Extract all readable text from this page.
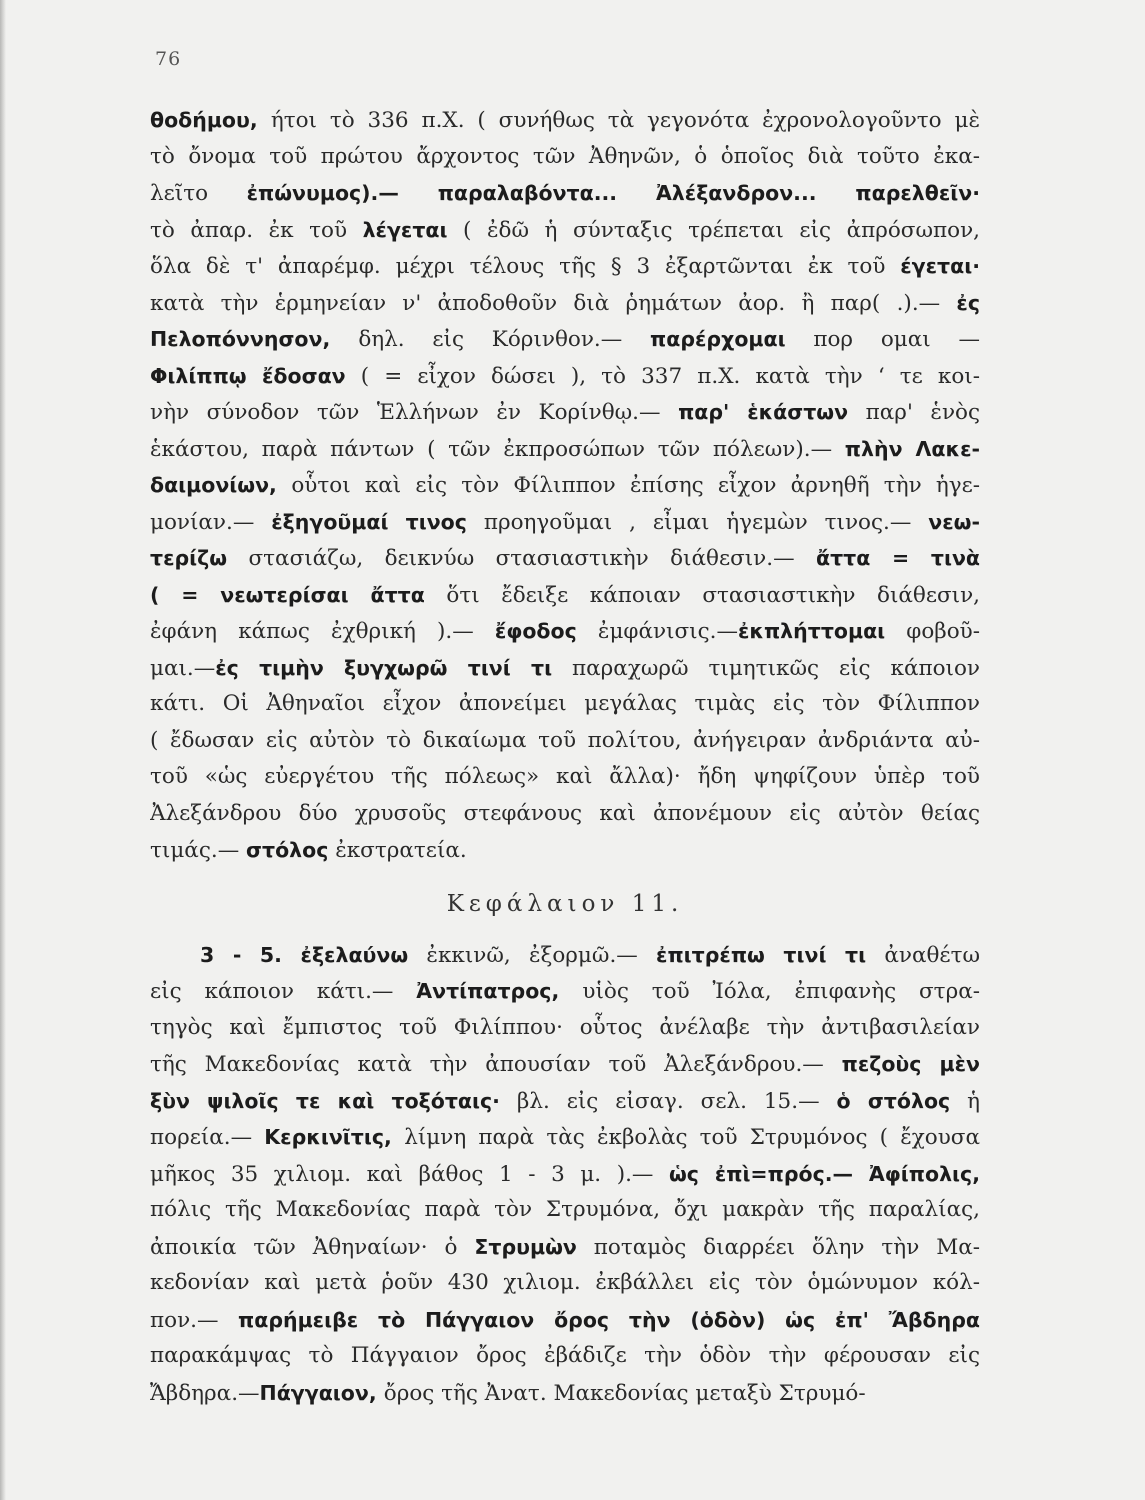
76
θοδήμου, ήτοι τὸ 336 π.Χ. ( συνήθως τὰ γεγονότα ἐχρονολογοῦντο μὲ
τὸ ὄνομα τοῦ πρώτου ἄρχοντος τῶν Ἀθηνῶν, ὁ ὁποῖος διὰ τοῦτο ἐκα-
λεῖτο ἐπώνυμος).— παραλαβόντα... Ἀλέξανδρον... παρελθεῖν·
τὸ ἀπαρ. ἐκ τοῦ λέγεται ( ἐδῶ ἡ σύνταξις τρέπεται εἰς ἀπρόσωπον,
ὅλα δὲ τ' ἀπαρέμφ. μέχρι τέλους τῆς § 3 ἐξαρτῶνται ἐκ τοῦ έγεται·
κατὰ τὴν ἑρμηνείαν ν' ἀποδοθοῦν διὰ ῥημάτων ἀορ. ἢ παρ( .).— ἐς
Πελοπόννησον, δηλ. εἰς Κόρινθον.— παρέρχομαι πορ ομαι —
Φιλίππῳ ἔδοσαν ( = εἶχον δώσει ), τὸ 337 π.Χ. κατὰ τὴν ‘ τε κοι-
νὴν σύνοδον τῶν Ἑλλήνων ἐν Κορίνθῳ.— παρ' ἑκάστων παρ' ἑνὸς
ἑκάστου, παρὰ πάντων ( τῶν ἐκπροσώπων τῶν πόλεων).— πλὴν Λακε-
δαιμονίων, οὗτοι καὶ εἰς τὸν Φίλιππον ἐπίσης εἶχον ἀρνηθῆ τὴν ἡγε-
μονίαν.— ἐξηγοῦμαί τινος προηγοῦμαι , εἶμαι ἡγεμὼν τινος.— νεω-
τερίζω στασιάζω, δεικνύω στασιαστικὴν διάθεσιν.— ἄττα = τινὰ
( = νεωτερίσαι ἄττα ὅτι ἔδειξε κάποιαν στασιαστικὴν διάθεσιν,
ἐφάνη κάπως ἐχθρική ).— ἔφοδος ἐμφάνισις.—ἐκπλήττομαι φοβοῦ-
μαι.—ἐς τιμὴν ξυγχωρῶ τινί τι παραχωρῶ τιμητικῶς εἰς κάποιον
κάτι. Οἱ Ἀθηναῖοι εἶχον ἀπονείμει μεγάλας τιμὰς εἰς τὸν Φίλιππον
( ἔδωσαν εἰς αὐτὸν τὸ δικαίωμα τοῦ πολίτου, ἀνήγειραν ἀνδριάντα αὐ-
τοῦ «ὡς εὐεργέτου τῆς πόλεως» καὶ ἄλλα)· ἤδη ψηφίζουν ὑπὲρ τοῦ
Ἀλεξάνδρου δύο χρυσοῦς στεφάνους καὶ ἀπονέμουν εἰς αὐτὸν θείας
τιμάς.— στόλος ἐκστρατεία.
Κεφάλαιον 11.
3 - 5. ἐξελαύνω ἐκκινῶ, ἐξορμῶ.— ἐπιτρέπω τινί τι ἀναθέτω
εἰς κάποιον κάτι.— Ἀντίπατρος, υἱὸς τοῦ Ἰόλα, ἐπιφανὴς στρα-
τηγὸς καὶ ἔμπιστος τοῦ Φιλίππου· οὗτος ἀνέλαβε τὴν ἀντιβασιλείαν
τῆς Μακεδονίας κατὰ τὴν ἀπουσίαν τοῦ Ἀλεξάνδρου.— πεζοὺς μὲν
ξὺν ψιλοῖς τε καὶ τοξόταις· βλ. εἰς εἰσαγ. σελ. 15.— ὁ στόλος ἡ
πορεία.— Κερκινῖτις, λίμνη παρὰ τὰς ἐκβολὰς τοῦ Στρυμόνος ( ἔχουσα
μῆκος 35 χιλιομ. καὶ βάθος 1 - 3 μ. ).— ὡς ἐπὶ=πρός.— Ἀφίπολις,
πόλις τῆς Μακεδονίας παρὰ τὸν Στρυμόνα, ὄχι μακρὰν τῆς παραλίας,
ἀποικία τῶν Ἀθηναίων· ὁ Στρυμὼν ποταμὸς διαρρέει ὅλην τὴν Μα-
κεδονίαν καὶ μετὰ ῥοῦν 430 χιλιομ. ἐκβάλλει εἰς τὸν ὁμώνυμον κόλ-
πον.— παρήμειβε τὸ Πάγγαιον ὄρος τὴν (ὁδὸν) ὡς ἐπ' Ἄβδηρα
παρακάμψας τὸ Πάγγαιον ὄρος ἐβάδιζε τὴν ὁδὸν τὴν φέρουσαν εἰς
Ἄβδηρα.—Πάγγαιον, ὄρος τῆς Ἀνατ. Μακεδονίας μεταξὺ Στρυμό-
